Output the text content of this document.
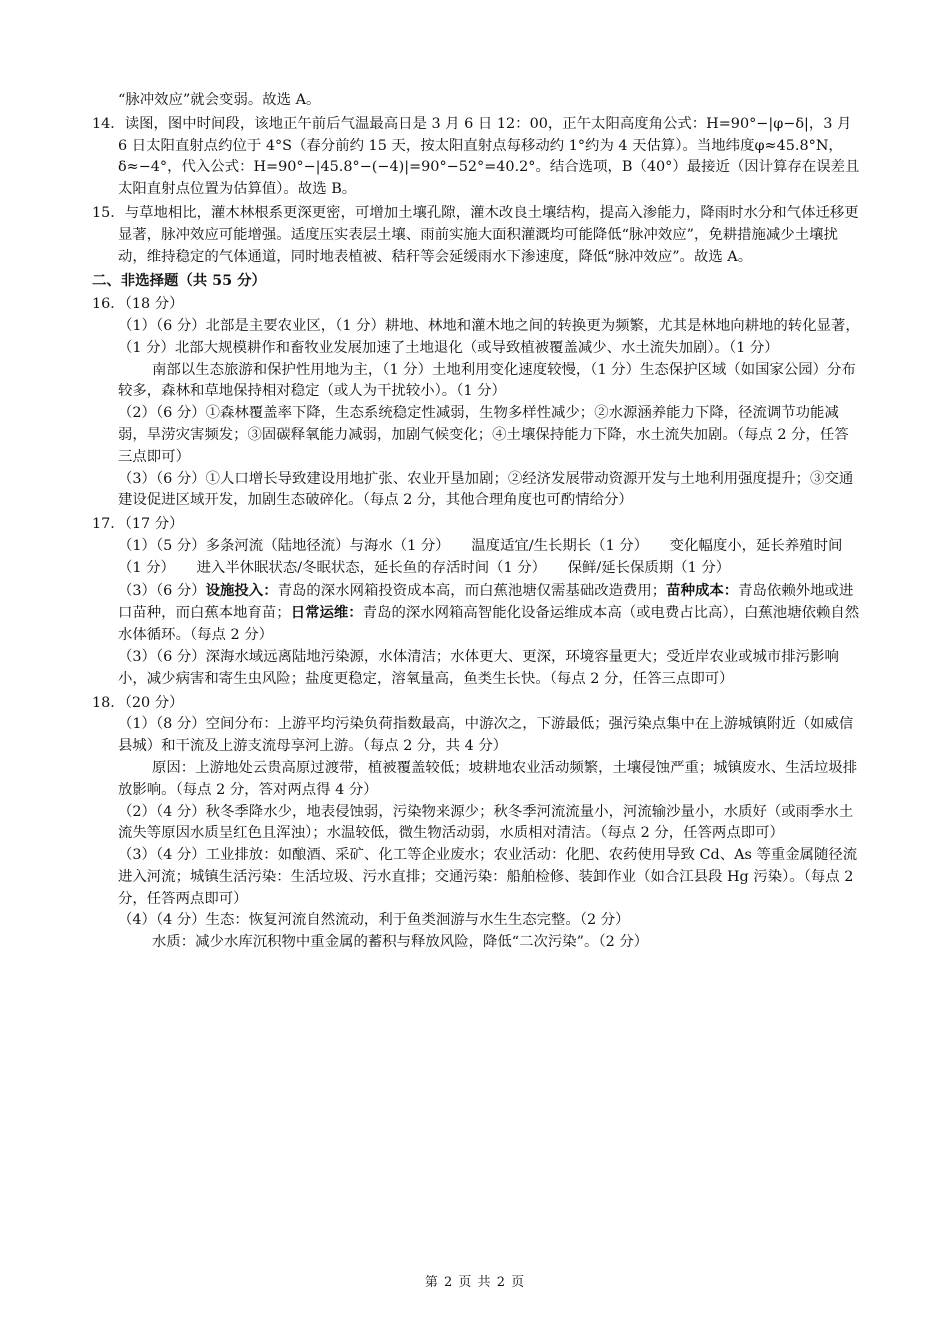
“脉冲效应”就会变弱。故选 A。

14．读图，图中时间段，该地正午前后气温最高日是 3 月 6 日 12：00，正午太阳高度角公式：H=90°−|φ−δ|，3 月 6 日太阳直射点约位于 4°S（春分前约 15 天，按太阳直射点每移动约 1°约为 4 天估算）。当地纬度φ≈45.8°N，δ≈−4°，代入公式：H=90°−|45.8°−(−4)|=90°−52°=40.2°。结合选项，B（40°）最接近（因计算存在误差且太阳直射点位置为估算值）。故选 B。

15．与草地相比，灌木林根系更深更密，可增加土壤孔隙，灌木改良土壤结构，提高入渗能力，降雨时水分和气体迁移更显著，脉冲效应可能增强。适度压实表层土壤、雨前实施大面积灌溉均可能降低“脉冲效应”，免耕措施减少土壤扰动，维持稳定的气体通道，同时地表植被、秸秆等会延缓雨水下渗速度，降低“脉冲效应”。故选 A。

二、非选择题（共 55 分）

16．（18 分）

（1）（6 分）北部是主要农业区，（1 分）耕地、林地和灌木地之间的转换更为频繁，尤其是林地向耕地的转化显著，（1 分）北部大规模耕作和畜牧业发展加速了土地退化（或导致植被覆盖减少、水土流失加剧）。（1 分）

南部以生态旅游和保护性用地为主，（1 分）土地利用变化速度较慢，（1 分）生态保护区域（如国家公园）分布较多，森林和草地保持相对稳定（或人为干扰较小）。（1 分）

（2）（6 分）①森林覆盖率下降，生态系统稳定性减弱，生物多样性减少；②水源涵养能力下降，径流调节功能减弱，旱涝灾害频发；③固碳释氧能力减弱，加剧气候变化；④土壤保持能力下降，水土流失加剧。（每点 2 分，任答三点即可）

（3）（6 分）①人口增长导致建设用地扩张、农业开垦加剧；②经济发展带动资源开发与土地利用强度提升；③交通建设促进区域开发，加剧生态破碎化。（每点 2 分，其他合理角度也可酌情给分）

17．（17 分）

（1）（5 分）多条河流（陆地径流）与海水（1 分）　　温度适宜/生长期长（1 分）　　变化幅度小，延长养殖时间（1 分）　　进入半休眠状态/冬眠状态，延长鱼的存活时间（1 分）　　保鲜/延长保质期（1 分）

（3）（6 分）设施投入：青岛的深水网箱投资成本高，而白蕉池塘仅需基础改造费用；苗种成本：青岛依赖外地或进口苗种，而白蕉本地育苗；日常运维：青岛的深水网箱高智能化设备运维成本高（或电费占比高），白蕉池塘依赖自然水体循环。（每点 2 分）

（3）（6 分）深海水域远离陆地污染源，水体清洁；水体更大、更深，环境容量更大；受近岸农业或城市排污影响小，减少病害和寄生虫风险；盐度更稳定，溶氧量高，鱼类生长快。（每点 2 分，任答三点即可）

18．（20 分）

（1）（8 分）空间分布：上游平均污染负荷指数最高，中游次之，下游最低；强污染点集中在上游城镇附近（如威信县城）和干流及上游支流母享河上游。（每点 2 分，共 4 分）

原因：上游地处云贵高原过渡带，植被覆盖较低；坡耕地农业活动频繁，土壤侵蚀严重；城镇废水、生活垃圾排放影响。（每点 2 分，答对两点得 4 分）

（2）（4 分）秋冬季降水少，地表侵蚀弱，污染物来源少；秋冬季河流流量小，河流输沙量小，水质好（或雨季水土流失等原因水质呈红色且浑浊）；水温较低，微生物活动弱，水质相对清洁。（每点 2 分，任答两点即可）

（3）（4 分）工业排放：如酿酒、采矿、化工等企业废水；农业活动：化肥、农药使用导致 Cd、As 等重金属随径流进入河流；城镇生活污染：生活垃圾、污水直排；交通污染：船舶检修、装卸作业（如合江县段 Hg 污染）。（每点 2 分，任答两点即可）

（4）（4 分）生态：恢复河流自然流动，利于鱼类洄游与水生生态完整。（2 分）

水质：减少水库沉积物中重金属的蓄积与释放风险，降低“二次污染”。（2 分）

第 2 页 共 2 页
